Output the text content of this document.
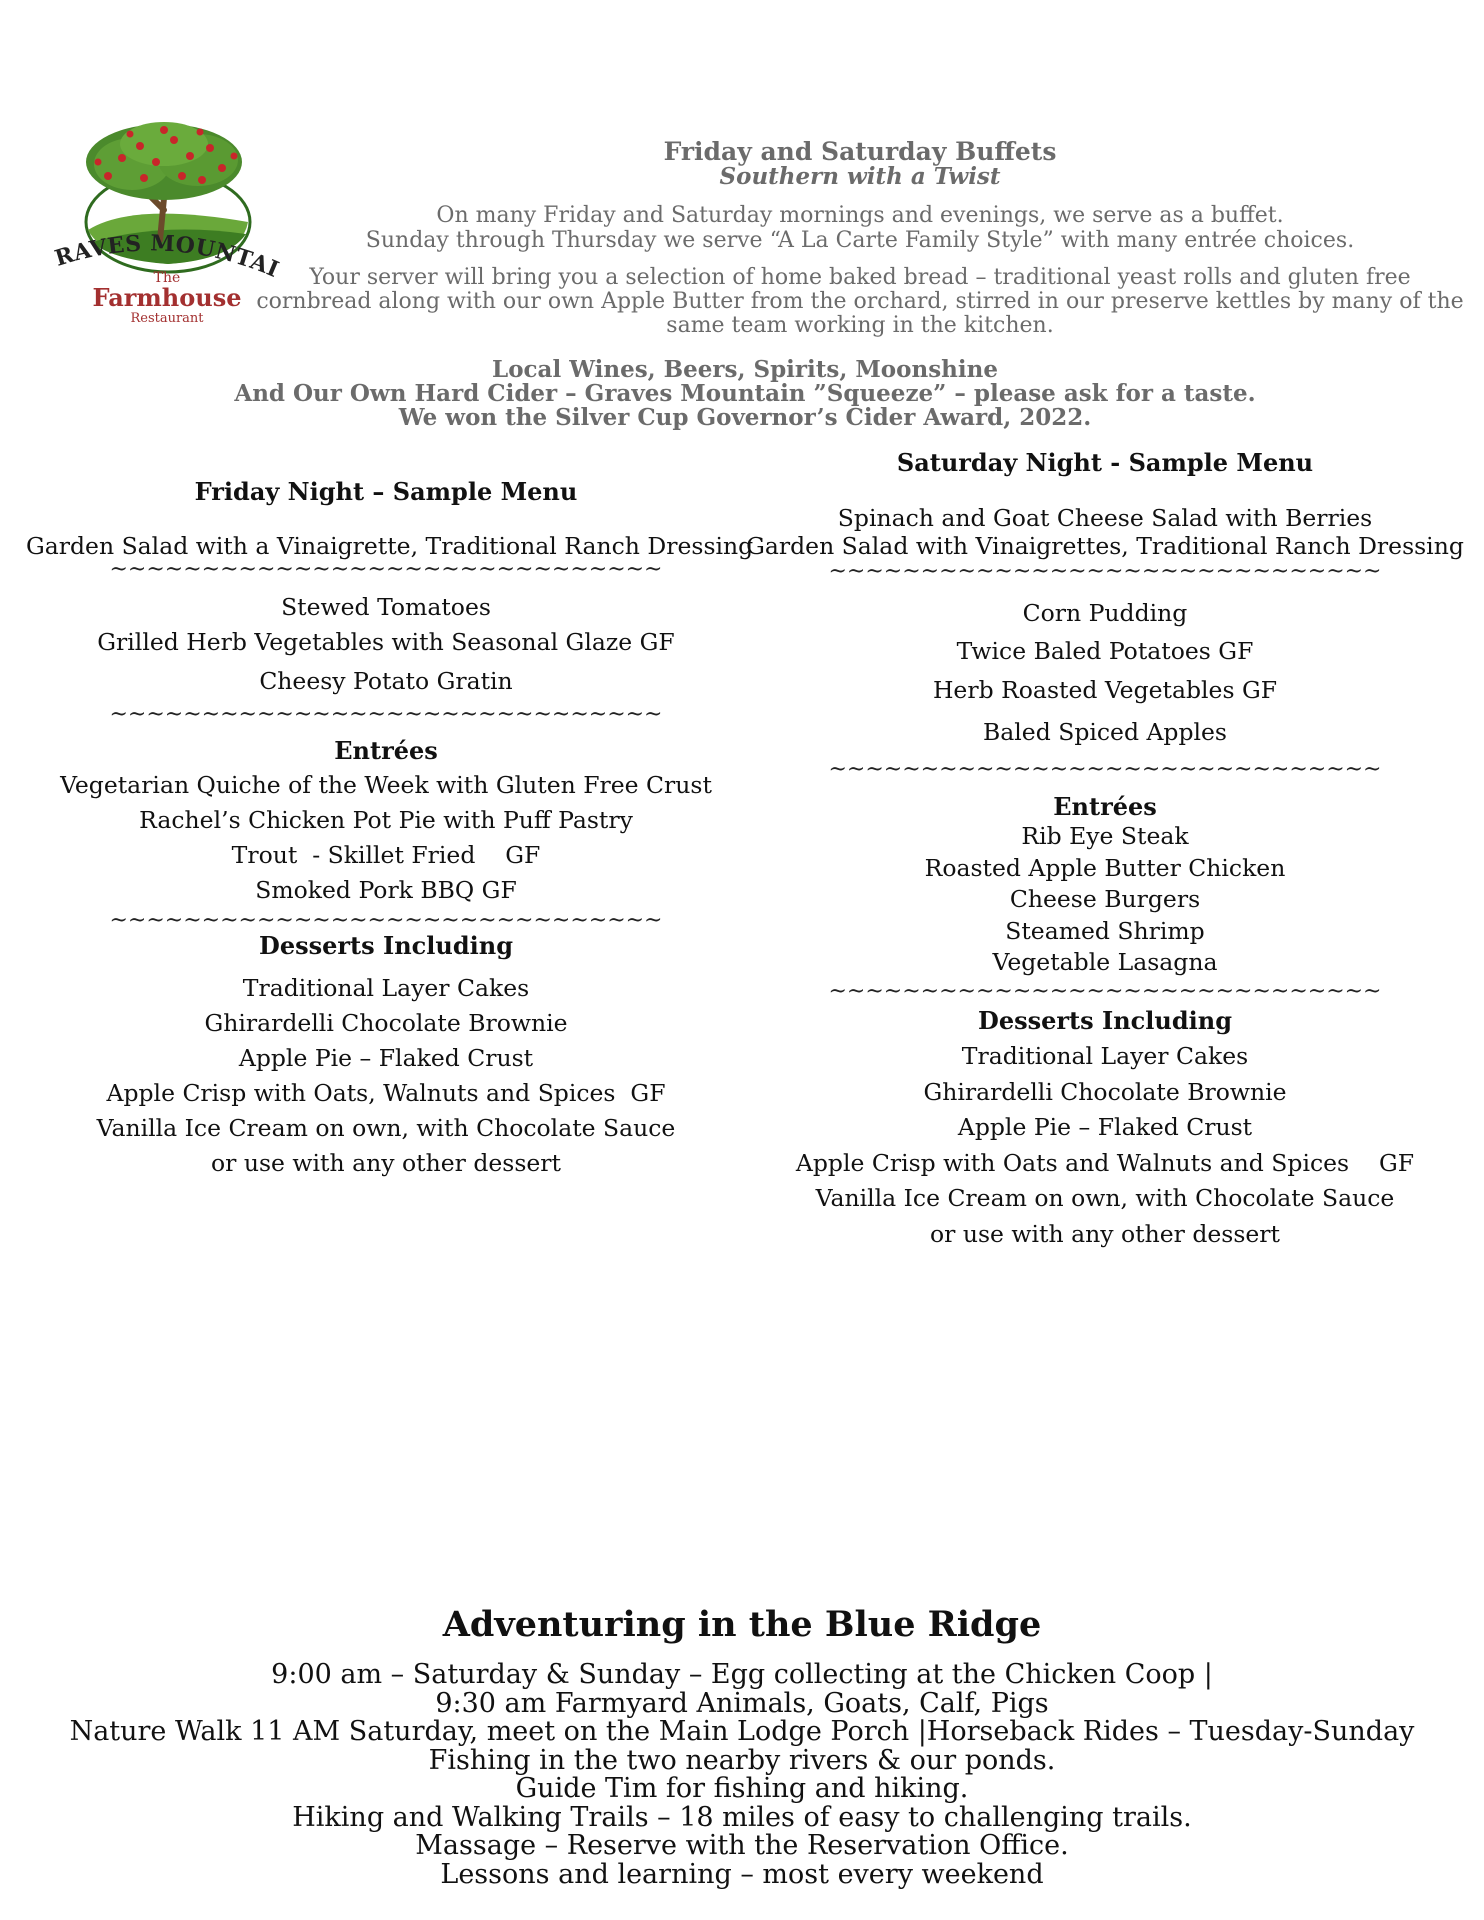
RAVES MOUNTAI
The
Farmhouse
Restaurant
Friday and Saturday Buffets
Southern with a Twist
On many Friday and Saturday mornings and evenings, we serve as a buffet.
Sunday through Thursday we serve “A La Carte Family Style” with many entrée choices.
Your server will bring you a selection of home baked bread – traditional yeast rolls and gluten free
cornbread along with our own Apple Butter from the orchard, stirred in our preserve kettles by many of the
same team working in the kitchen.
Local Wines, Beers, Spirits, Moonshine
And Our Own Hard Cider – Graves Mountain ”Squeeze” – please ask for a taste.
We won the Silver Cup Governor’s Cider Award, 2022.
Friday Night – Sample Menu
Garden Salad with a Vinaigrette, Traditional Ranch Dressing
~~~~~~~~~~~~~~~~~~~~~~~~~~~~~~
Stewed Tomatoes
Grilled Herb Vegetables with Seasonal Glaze GF
Cheesy Potato Gratin
~~~~~~~~~~~~~~~~~~~~~~~~~~~~~~
Entrées
Vegetarian Quiche of the Week with Gluten Free Crust
Rachel’s Chicken Pot Pie with Puff Pastry
Trout  - Skillet Fried    GF
Smoked Pork BBQ GF
~~~~~~~~~~~~~~~~~~~~~~~~~~~~~~
Desserts Including
Traditional Layer Cakes
Ghirardelli Chocolate Brownie
Apple Pie – Flaked Crust
Apple Crisp with Oats, Walnuts and Spices  GF
Vanilla Ice Cream on own, with Chocolate Sauce
or use with any other dessert
Saturday Night - Sample Menu
Spinach and Goat Cheese Salad with Berries
Garden Salad with Vinaigrettes, Traditional Ranch Dressing
~~~~~~~~~~~~~~~~~~~~~~~~~~~~~~
Corn Pudding
Twice Baled Potatoes GF
Herb Roasted Vegetables GF
Baled Spiced Apples
~~~~~~~~~~~~~~~~~~~~~~~~~~~~~~
Entrées
Rib Eye Steak
Roasted Apple Butter Chicken
Cheese Burgers
Steamed Shrimp
Vegetable Lasagna
~~~~~~~~~~~~~~~~~~~~~~~~~~~~~~
Desserts Including
Traditional Layer Cakes
Ghirardelli Chocolate Brownie
Apple Pie – Flaked Crust
Apple Crisp with Oats and Walnuts and Spices    GF
Vanilla Ice Cream on own, with Chocolate Sauce
or use with any other dessert
Adventuring in the Blue Ridge
9:00 am – Saturday & Sunday – Egg collecting at the Chicken Coop |
9:30 am Farmyard Animals, Goats, Calf, Pigs
Nature Walk 11 AM Saturday, meet on the Main Lodge Porch |Horseback Rides – Tuesday-Sunday
Fishing in the two nearby rivers & our ponds.
Guide Tim for fishing and hiking.
Hiking and Walking Trails – 18 miles of easy to challenging trails.
Massage – Reserve with the Reservation Office.
Lessons and learning – most every weekend
